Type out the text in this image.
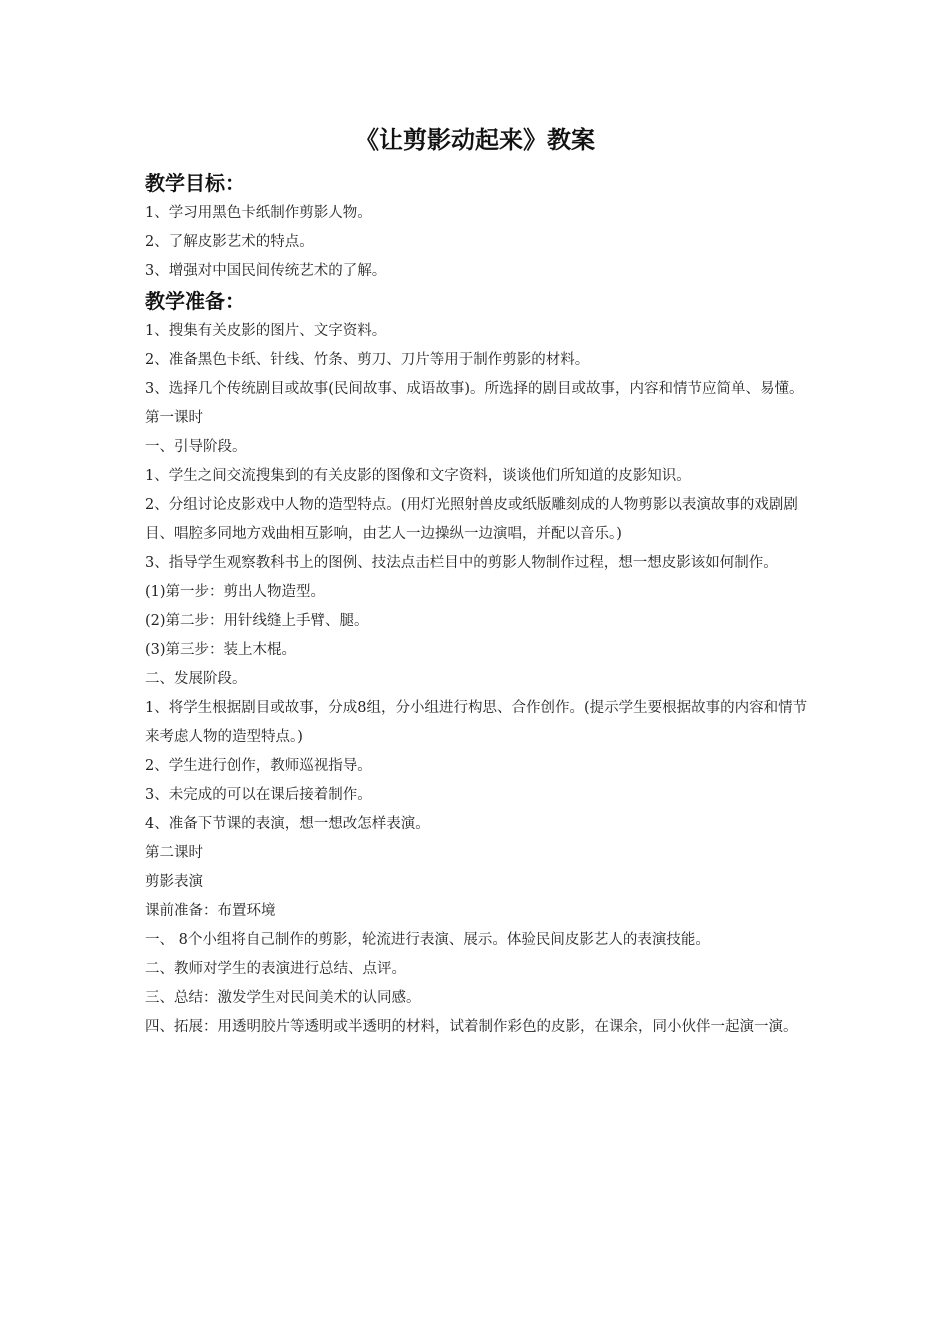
《让剪影动起来》教案
教学目标：

1、学习用黑色卡纸制作剪影人物。

2、了解皮影艺术的特点。

3、增强对中国民间传统艺术的了解。

教学准备：

1、搜集有关皮影的图片、文字资料。

2、准备黑色卡纸、针线、竹条、剪刀、刀片等用于制作剪影的材料。

3、选择几个传统剧目或故事(民间故事、成语故事)。所选择的剧目或故事，内容和情节应简单、易懂。

第一课时

一、引导阶段。

1、学生之间交流搜集到的有关皮影的图像和文字资料，谈谈他们所知道的皮影知识。

2、分组讨论皮影戏中人物的造型特点。(用灯光照射兽皮或纸版雕刻成的人物剪影以表演故事的戏剧剧目、唱腔多同地方戏曲相互影响，由艺人一边操纵一边演唱，并配以音乐。)

3、指导学生观察教科书上的图例、技法点击栏目中的剪影人物制作过程，想一想皮影该如何制作。

(1)第一步：剪出人物造型。

(2)第二步：用针线缝上手臂、腿。

(3)第三步：装上木棍。

二、发展阶段。

1、将学生根据剧目或故事，分成8组，分小组进行构思、合作创作。(提示学生要根据故事的内容和情节来考虑人物的造型特点。)

2、学生进行创作，教师巡视指导。

3、未完成的可以在课后接着制作。

4、准备下节课的表演，想一想改怎样表演。

第二课时

剪影表演

课前准备：布置环境

一、 8个小组将自己制作的剪影，轮流进行表演、展示。体验民间皮影艺人的表演技能。

二、教师对学生的表演进行总结、点评。

三、总结：激发学生对民间美术的认同感。

四、拓展：用透明胶片等透明或半透明的材料，试着制作彩色的皮影，在课余，同小伙伴一起演一演。
